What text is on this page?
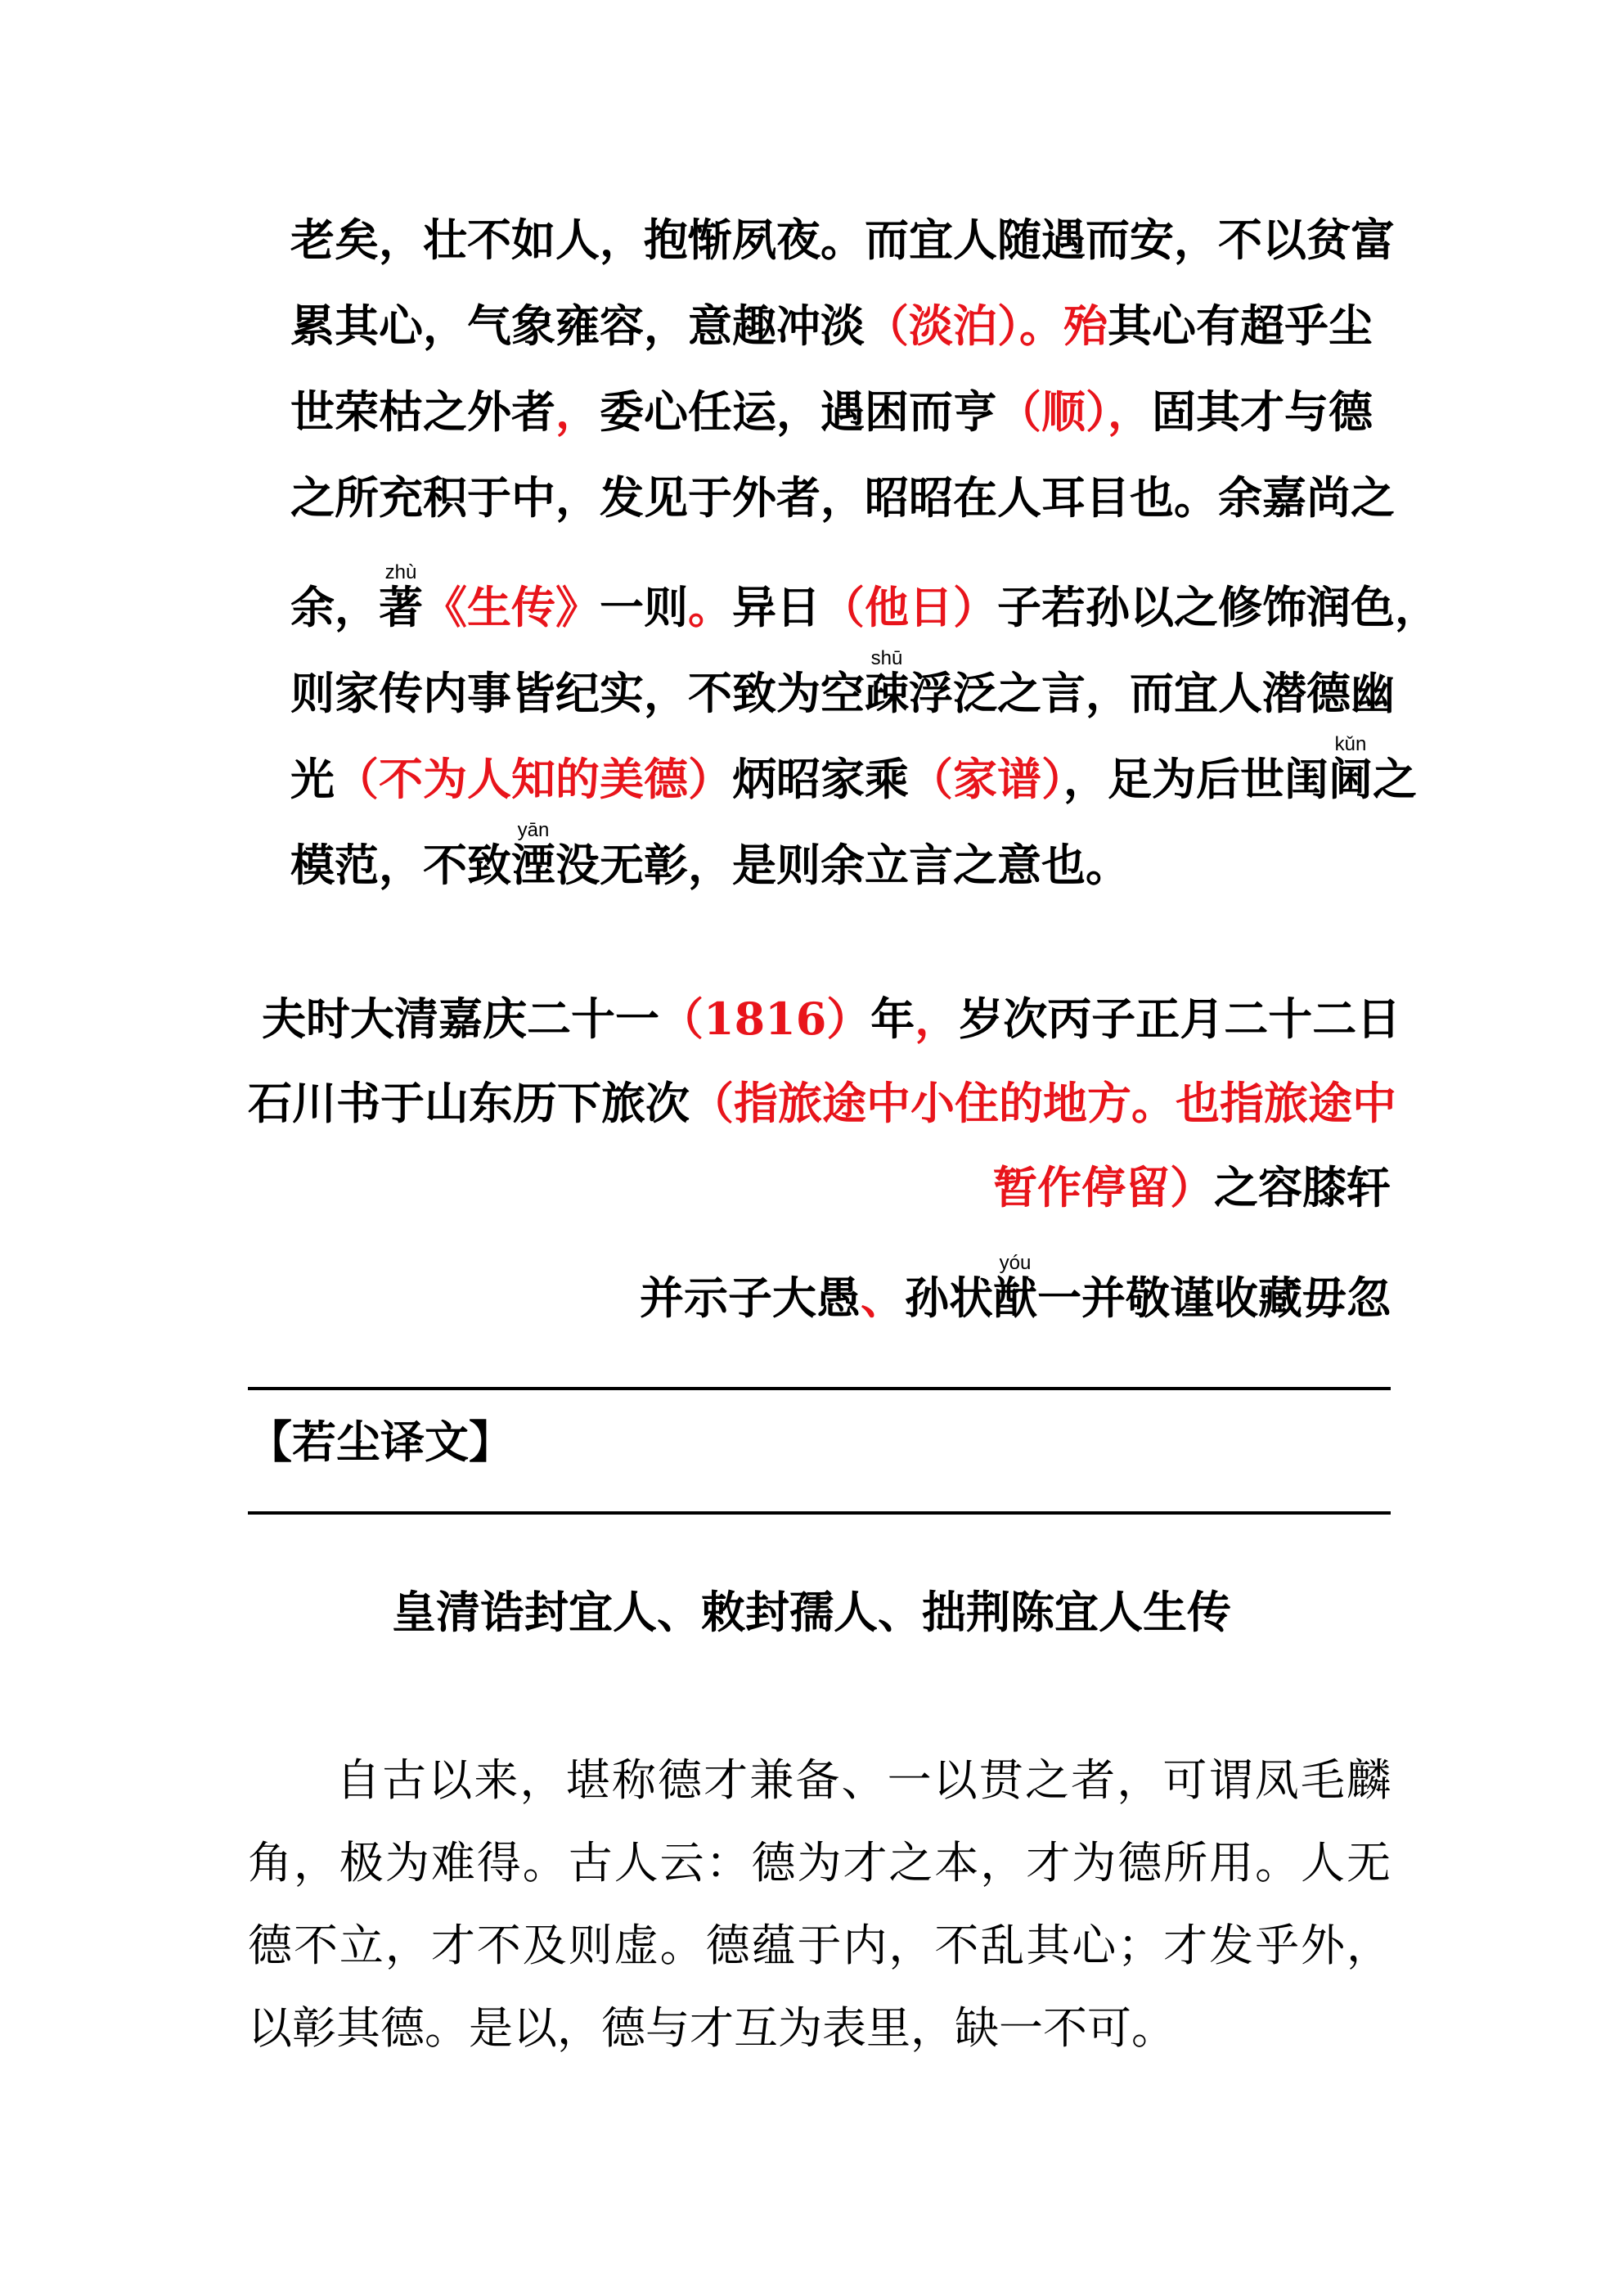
老矣，壮不如人，抱惭夙夜。而宜人随遇而安，不以贫富
累其心，气象雍容，意趣冲淡（淡泊）。殆其心有超乎尘
世荣枯之外者，委心任运，遇困而亨（顺），固其才与德
之所充积于中，发见于外者，昭昭在人耳目也。余嘉尚之
余，著zhù《生传》一则。异日（他日）子若孙以之修饰润色，
则家传内事皆纪实，不致为空疎shū浮泛之言，而宜人潜德幽
光（不为人知的美德）炳昭家乘（家谱），足为后世闺阃kǔn之
模范，不致湮yān没无彰，是则余立言之意也。
夫时大清嘉庆二十一（1816）年，岁次丙子正月二十二日
石川书于山东历下旅次（指旅途中小住的地方。也指旅途中
暂作停留）之容膝轩
并示子大愚、孙状猷yóu一并敬谨收藏毋忽
【若尘译文】
皇清诰封宜人、敕封孺人、拙荆陈宜人生传
自古以来，堪称德才兼备、一以贯之者，可谓凤毛麟角，极为难得。古人云：德为才之本，才为德所用。人无德不立，才不及则虚。德蕴于内，不乱其心；才发乎外，以彰其德。是以，德与才互为表里，缺一不可。
